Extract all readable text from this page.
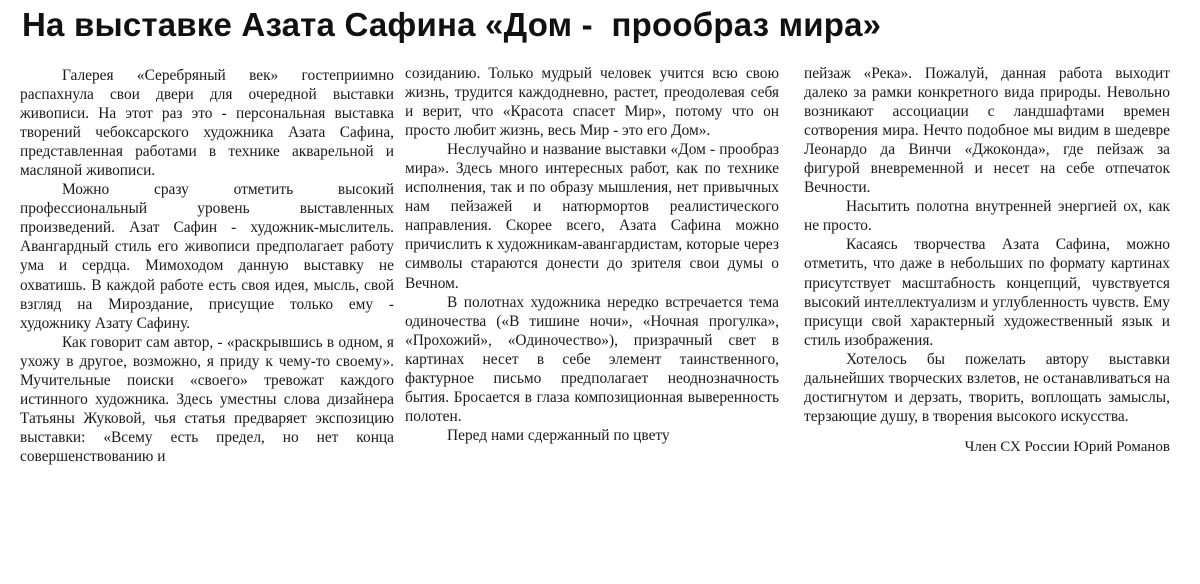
На выставке Азата Сафина «Дом -  прообраз мира»

Галерея «Серебряный век» гостеприимно распахнула свои двери для очередной выставки живописи. На этот раз это - персональная выставка творений чебоксарского художника Азата Сафина, представленная работами в технике акварельной и масляной живописи.

Можно сразу отметить высокий профессиональный уровень выставленных произведений. Азат Сафин - художник-мыслитель. Авангардный стиль его живописи предполагает работу ума и сердца. Мимоходом данную выставку не охватишь. В каждой работе есть своя идея, мысль, свой взгляд на Мироздание, присущие только ему - художнику Азату Сафину.

Как говорит сам автор, - «раскрывшись в одном, я ухожу в другое, возможно, я приду к чему-то своему». Мучительные поиски «своего» тревожат каждого истинного художника. Здесь уместны слова дизайнера Татьяны Жуковой, чья статья предваряет экспозицию выставки: «Всему есть предел, но нет конца совершенствованию и

созиданию. Только мудрый человек учится всю свою жизнь, трудится каждодневно, растет, преодолевая себя и верит, что «Красота спасет Мир», потому что он просто любит жизнь, весь Мир - это его Дом».

Неслучайно и название выставки «Дом - прообраз мира». Здесь много интересных работ, как по технике исполнения, так и по образу мышления, нет привычных нам пейзажей и натюрмортов реалистического направления. Скорее всего, Азата Сафина можно причислить к художникам-авангардистам, которые через символы стараются донести до зрителя свои думы о Вечном.

В полотнах художника нередко встречается тема одиночества («В тишине ночи», «Ночная прогулка», «Прохожий», «Одиночество»), призрачный свет в картинах несет в себе элемент таинственного, фактурное письмо предполагает неоднозначность бытия. Бросается в глаза композиционная выверенность полотен.

Перед нами сдержанный по цвету

пейзаж «Река». Пожалуй, данная работа выходит далеко за рамки конкретного вида природы. Невольно возникают ассоциации с ландшафтами времен сотворения мира. Нечто подобное мы видим в шедевре Леонардо да Винчи «Джоконда», где пейзаж за фигурой вневременной и несет на себе отпечаток Вечности.

Насытить полотна внутренней энергией ох, как не просто.

Касаясь творчества Азата Сафина, можно отметить, что даже в небольших по формату картинах присутствует масштабность концепций, чувствуется высокий интеллектуализм и углубленность чувств. Ему присущи свой характерный художественный язык и стиль изображения.

Хотелось бы пожелать автору выставки дальнейших творческих взлетов, не останавливаться на достигнутом и дерзать, творить, воплощать замыслы, терзающие душу, в творения высокого искусства.

Член СХ России Юрий Романов
